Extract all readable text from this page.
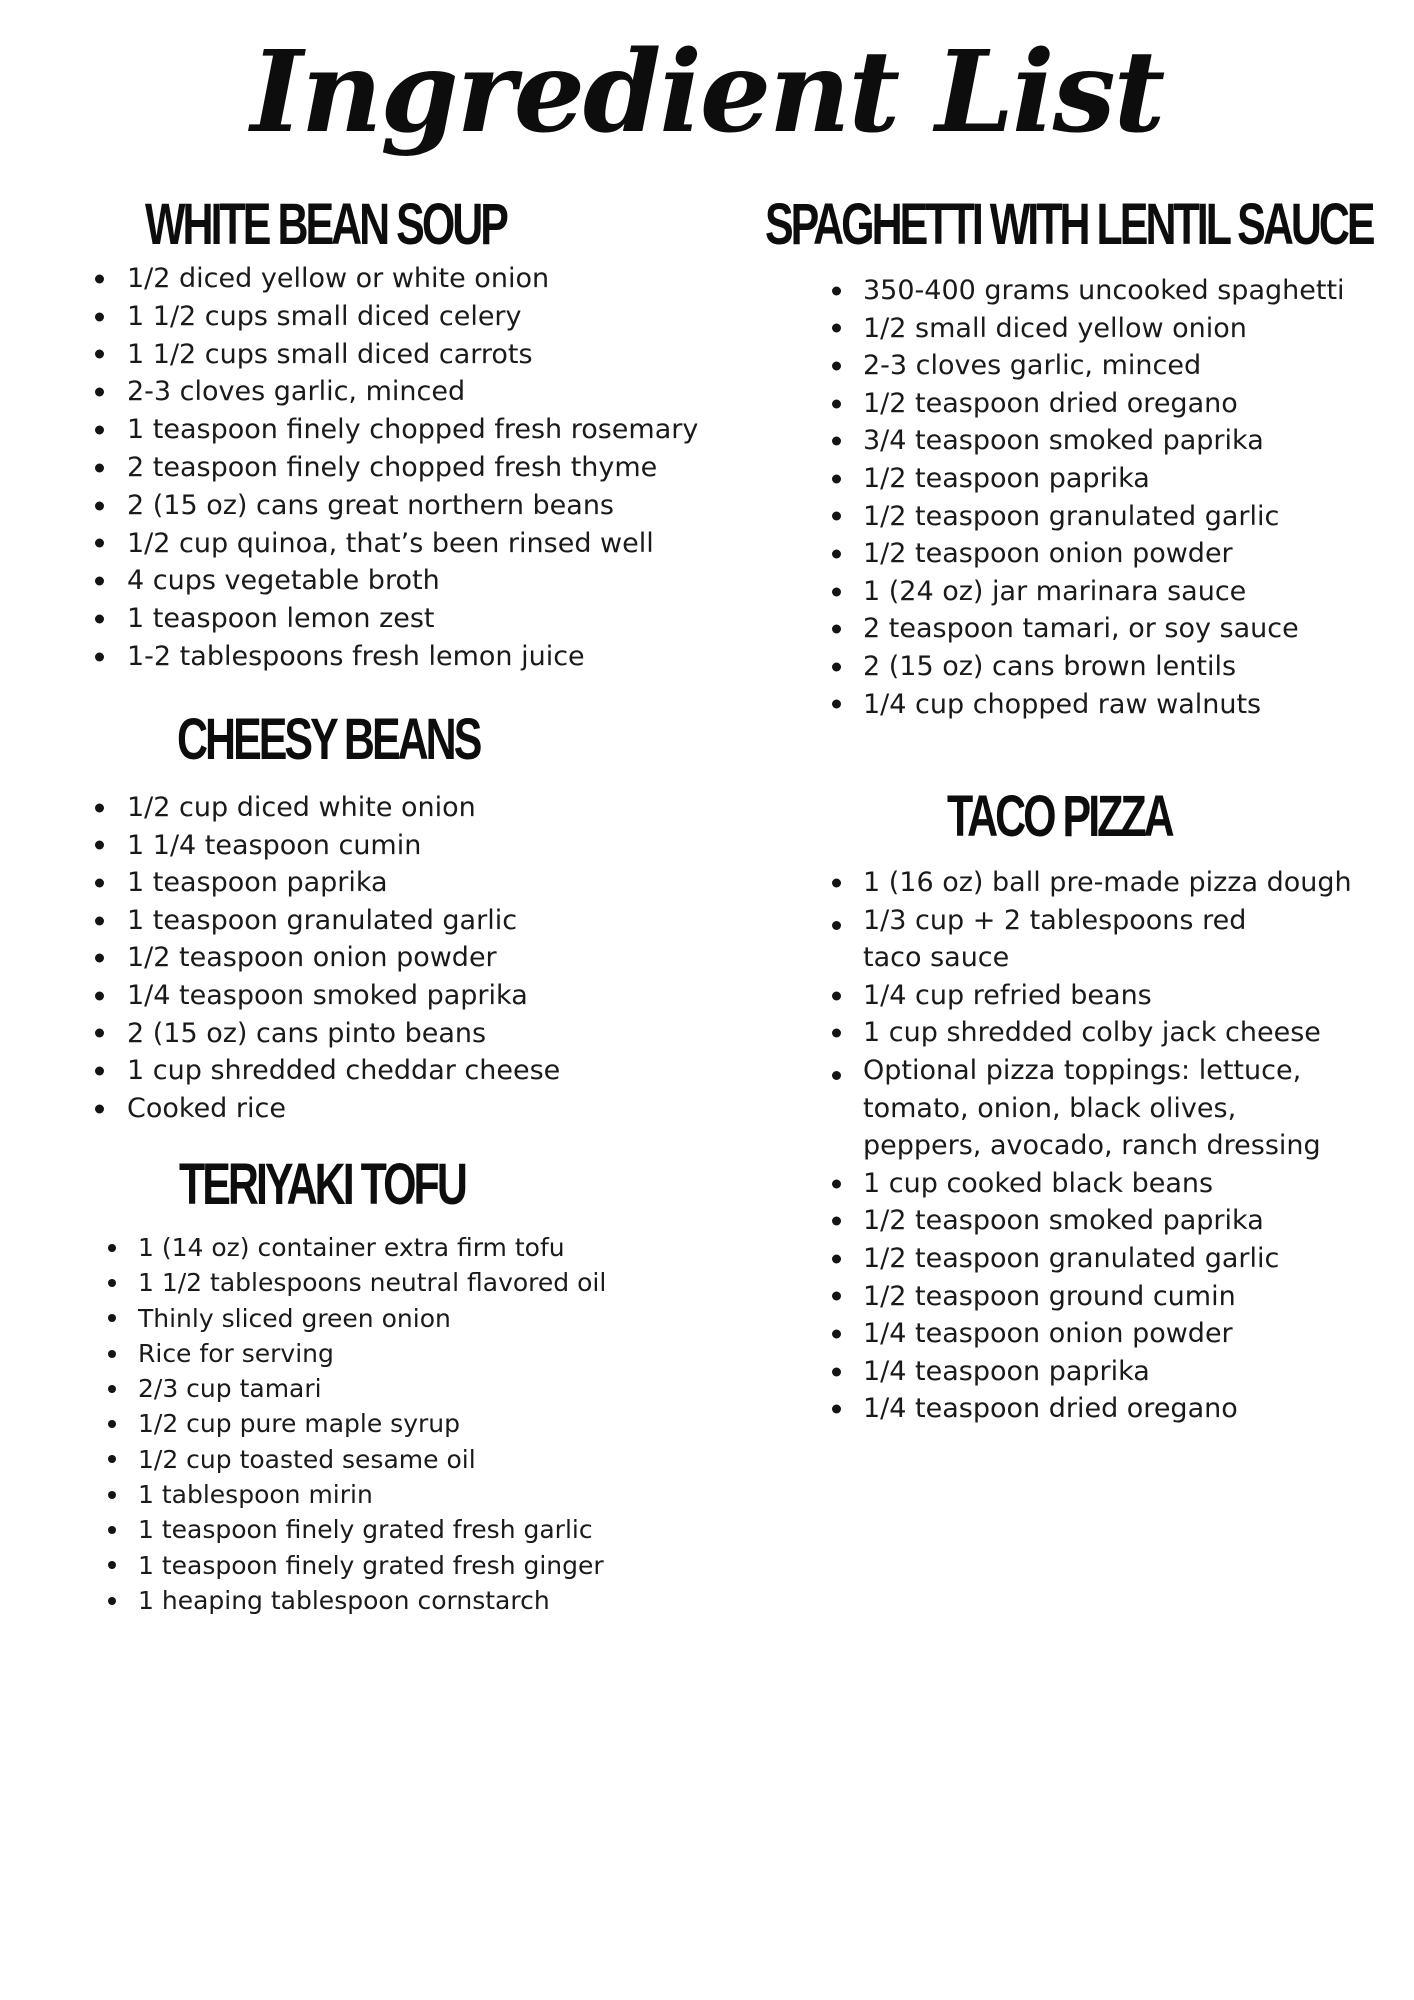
Ingredient List
WHITE BEAN SOUP
1/2 diced yellow or white onion
1 1/2 cups small diced celery
1 1/2 cups small diced carrots
2-3 cloves garlic, minced
1 teaspoon finely chopped fresh rosemary
2 teaspoon finely chopped fresh thyme
2 (15 oz) cans great northern beans
1/2 cup quinoa, that’s been rinsed well
4 cups vegetable broth
1 teaspoon lemon zest
1-2 tablespoons fresh lemon juice
CHEESY BEANS
1/2 cup diced white onion
1 1/4 teaspoon cumin
1 teaspoon paprika
1 teaspoon granulated garlic
1/2 teaspoon onion powder
1/4 teaspoon smoked paprika
2 (15 oz) cans pinto beans
1 cup shredded cheddar cheese
Cooked rice
TERIYAKI TOFU
1 (14 oz) container extra firm tofu
1 1/2 tablespoons neutral flavored oil
Thinly sliced green onion
Rice for serving
2/3 cup tamari
1/2 cup pure maple syrup
1/2 cup toasted sesame oil
1 tablespoon mirin
1 teaspoon finely grated fresh garlic
1 teaspoon finely grated fresh ginger
1 heaping tablespoon cornstarch
SPAGHETTI WITH LENTIL SAUCE
350-400 grams uncooked spaghetti
1/2 small diced yellow onion
2-3 cloves garlic, minced
1/2 teaspoon dried oregano
3/4 teaspoon smoked paprika
1/2 teaspoon paprika
1/2 teaspoon granulated garlic
1/2 teaspoon onion powder
1 (24 oz) jar marinara sauce
2 teaspoon tamari, or soy sauce
2 (15 oz) cans brown lentils
1/4 cup chopped raw walnuts
TACO PIZZA
1 (16 oz) ball pre-made pizza dough
1/3 cup + 2 tablespoons red taco sauce
1/4 cup refried beans
1 cup shredded colby jack cheese
Optional pizza toppings: lettuce, tomato, onion, black olives, peppers, avocado, ranch dressing
1 cup cooked black beans
1/2 teaspoon smoked paprika
1/2 teaspoon granulated garlic
1/2 teaspoon ground cumin
1/4 teaspoon onion powder
1/4 teaspoon paprika
1/4 teaspoon dried oregano
